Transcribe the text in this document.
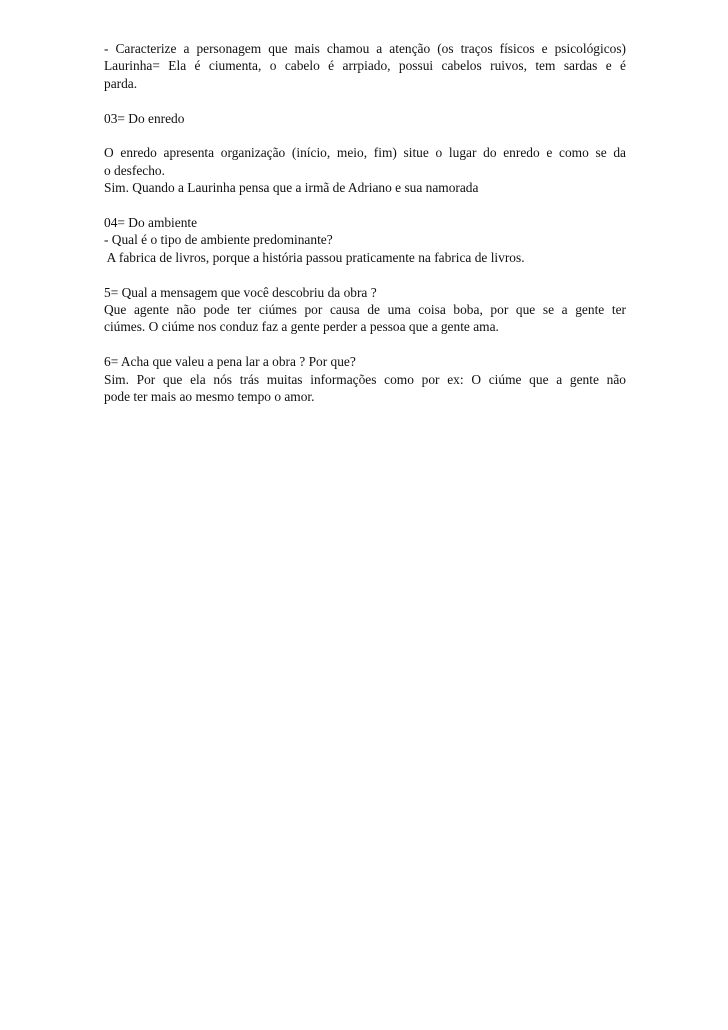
- Caracterize a personagem que mais chamou a atenção (os traços físicos e psicológicos)
Laurinha= Ela é ciumenta, o cabelo é arrpiado, possui cabelos ruivos, tem sardas e é
parda.
03= Do enredo
O enredo apresenta organização (início, meio, fim) situe o lugar do enredo e como se da
o desfecho.
Sim. Quando a Laurinha pensa que a irmã de Adriano e sua namorada
04= Do ambiente
- Qual é o tipo de ambiente predominante?
A fabrica de livros, porque a história passou praticamente na fabrica de livros.
5= Qual a mensagem que você descobriu da obra ?
Que agente não pode ter ciúmes por causa de uma coisa boba, por que se a gente ter
ciúmes. O ciúme nos conduz faz a gente perder a pessoa que a gente ama.
6= Acha que valeu a pena lar a obra ? Por que?
Sim. Por que ela nós trás muitas informações como por ex: O ciúme que a gente não
pode ter mais ao mesmo tempo o amor.
